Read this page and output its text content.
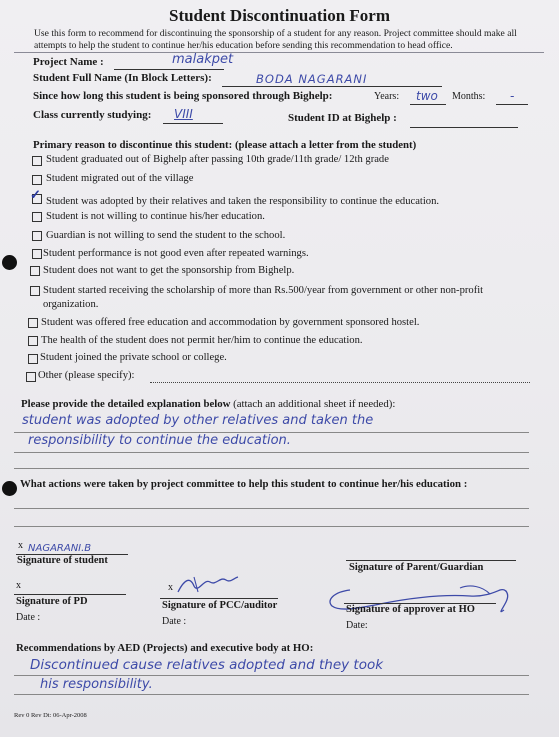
Student Discontinuation Form
Use this form to recommend for discontinuing the sponsorship of a student for any reason. Project committee should make all attempts to help the student to continue her/his education before sending this recommendation to head office.
Project Name :	malakpet
Student Full Name (In Block Letters):	BODA NAGARANI
Since how long this student is being sponsored through Bighelp:	Years: two Months: -
Class currently studying: VIII	Student ID at Bighelp :
Primary reason to discontinue this student: (please attach a letter from the student)
Student graduated out of Bighelp after passing 10th grade/11th grade/ 12th grade
Student migrated out of the village
✓ Student was adopted by their relatives and taken the responsibility to continue the education.
Student is not willing to continue his/her education.
Guardian is not willing to send the student to the school.
Student performance is not good even after repeated warnings.
Student does not want to get the sponsorship from Bighelp.
Student started receiving the scholarship of more than Rs.500/year from government or other non-profit organization.
Student was offered free education and accommodation by government sponsored hostel.
The health of the student does not permit her/him to continue the education.
Student joined the private school or college.
Other (please specify):
Please provide the detailed explanation below (attach an additional sheet if needed):
student was adopted by other relatives and taken the
responsibility to continue the education.
What actions were taken by project committee to help this student to continue her/his education :
x NAGARANI.B
Signature of student
Signature of Parent/Guardian
x
Signature of PD
Date :
x
Signature of PCC/auditor
Date :
Signature of approver at HO
Date:
Recommendations by AED (Projects) and executive body at HO:
Discontinued cause relatives adopted and they took
his responsibility.
Rev 0 Rev Dt: 06-Apr-2008
